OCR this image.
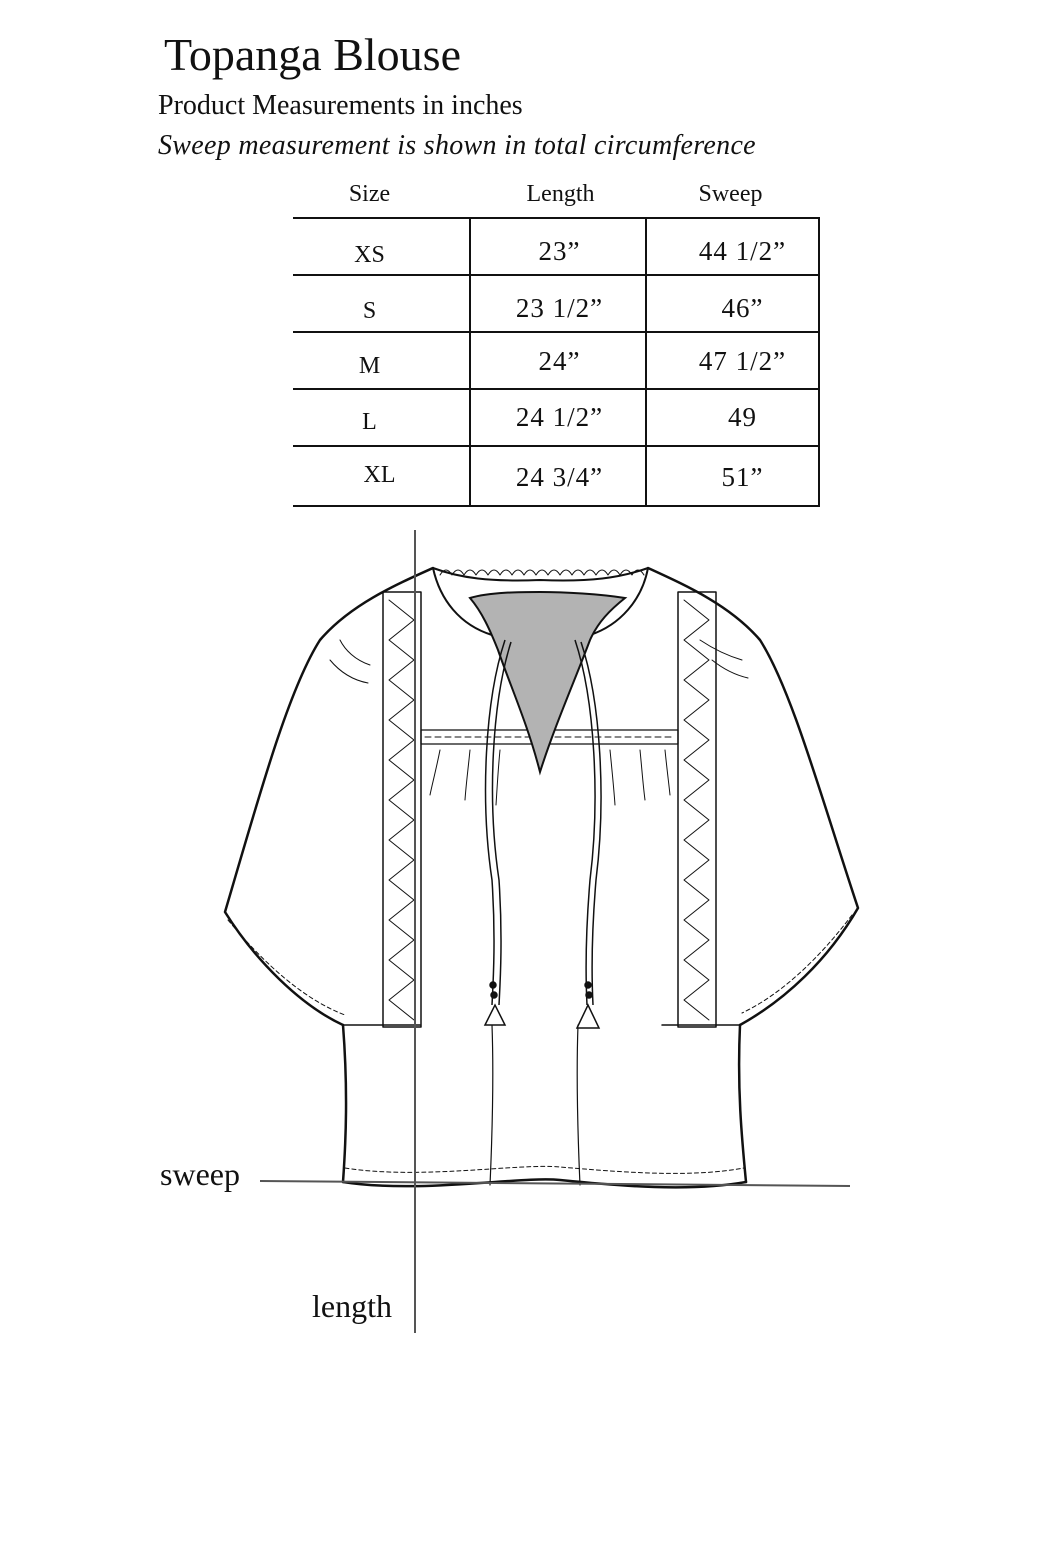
Topanga Blouse
Product Measurements in inches
Sweep measurement is shown in total circumference
Size	Length	Sweep
XS	23”	44 1/2”
S	23 1/2”	46”
M	24”	47 1/2”
L	24 1/2”	49
XL	24 3/4”	51”
sweep
length
